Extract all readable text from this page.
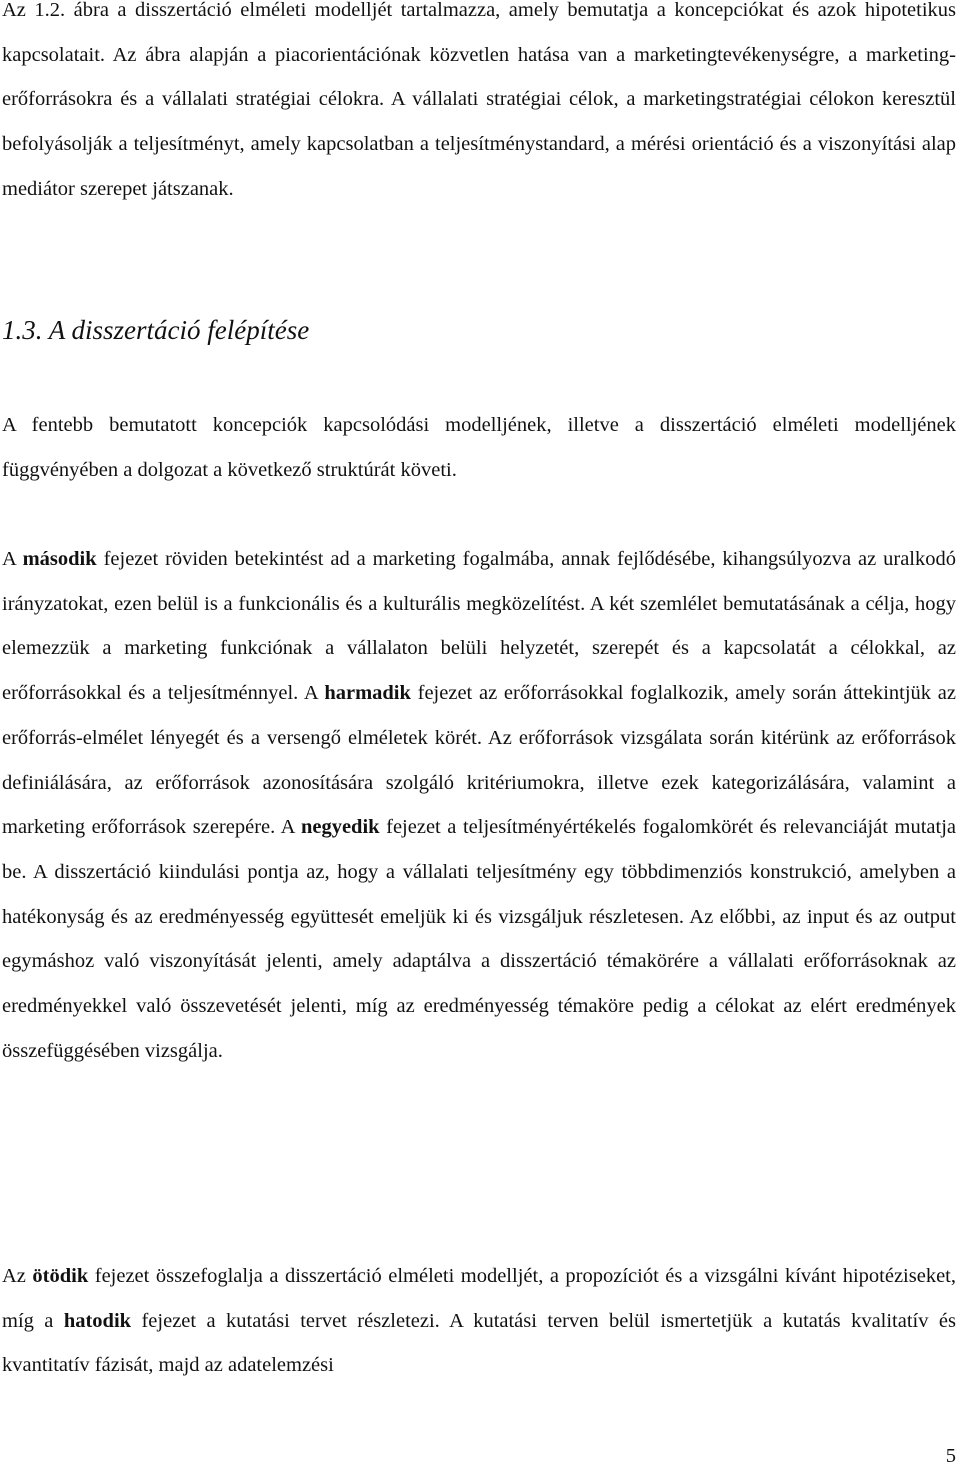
Az 1.2. ábra a disszertáció elméleti modelljét tartalmazza, amely bemutatja a koncepciókat és azok hipotetikus kapcsolatait. Az ábra alapján a piacorientációnak közvetlen hatása van a marketingtevékenységre, a marketing-erőforrásokra és a vállalati stratégiai célokra. A vállalati stratégiai célok, a marketingstratégiai célokon keresztül befolyásolják a teljesítményt, amely kapcsolatban a teljesítménystandard, a mérési orientáció és a viszonyítási alap mediátor szerepet játszanak.

1.3. A disszertáció felépítése

A fentebb bemutatott koncepciók kapcsolódási modelljének, illetve a disszertáció elméleti modelljének függvényében a dolgozat a következő struktúrát követi.

A második fejezet röviden betekintést ad a marketing fogalmába, annak fejlődésébe, kihangsúlyozva az uralkodó irányzatokat, ezen belül is a funkcionális és a kulturális megközelítést. A két szemlélet bemutatásának a célja, hogy elemezzük a marketing funkciónak a vállalaton belüli helyzetét, szerepét és a kapcsolatát a célokkal, az erőforrásokkal és a teljesítménnyel. A harmadik fejezet az erőforrásokkal foglalkozik, amely során áttekintjük az erőforrás-elmélet lényegét és a versengő elméletek körét. Az erőforrások vizsgálata során kitérünk az erőforrások definiálására, az erőforrások azonosítására szolgáló kritériumokra, illetve ezek kategorizálására, valamint a marketing erőforrások szerepére. A negyedik fejezet a teljesítményértékelés fogalomkörét és relevanciáját mutatja be. A disszertáció kiindulási pontja az, hogy a vállalati teljesítmény egy többdimenziós konstrukció, amelyben a hatékonyság és az eredményesség együttesét emeljük ki és vizsgáljuk részletesen. Az előbbi, az input és az output egymáshoz való viszonyítását jelenti, amely adaptálva a disszertáció témakörére a vállalati erőforrásoknak az eredményekkel való összevetését jelenti, míg az eredményesség témaköre pedig a célokat az elért eredmények összefüggésében vizsgálja.

Az ötödik fejezet összefoglalja a disszertáció elméleti modelljét, a propozíciót és a vizsgálni kívánt hipotéziseket, míg a hatodik fejezet a kutatási tervet részletezi. A kutatási terven belül ismertetjük a kutatás kvalitatív és kvantitatív fázisát, majd az adatelemzési

5
